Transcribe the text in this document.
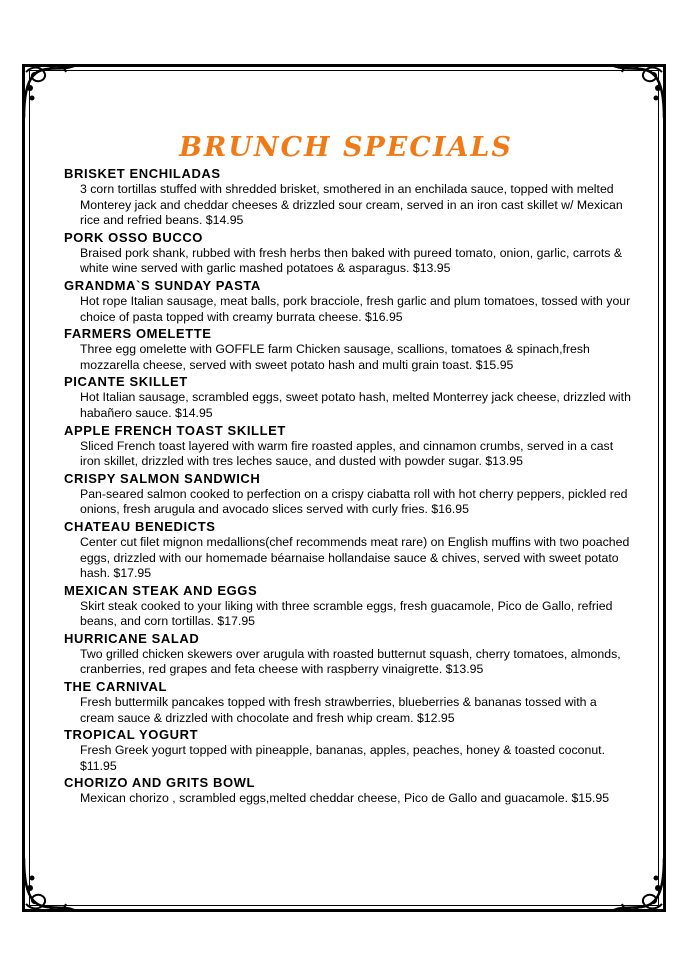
BRUNCH SPECIALS

BRISKET ENCHILADAS

3 corn tortillas stuffed with shredded brisket, smothered in an enchilada sauce, topped with melted Monterey jack and cheddar cheeses & drizzled sour cream, served in an iron cast skillet w/ Mexican rice and refried beans. $14.95

PORK OSSO BUCCO

Braised pork shank, rubbed with fresh herbs then baked with pureed tomato, onion, garlic, carrots & white wine served with garlic mashed potatoes & asparagus. $13.95

GRANDMA`S SUNDAY PASTA

Hot rope Italian sausage, meat balls, pork bracciole, fresh garlic and plum tomatoes, tossed with your choice of pasta topped with creamy burrata cheese. $16.95

FARMERS OMELETTE

Three egg omelette with GOFFLE farm Chicken sausage, scallions, tomatoes & spinach,fresh mozzarella cheese, served with sweet potato hash and multi grain toast. $15.95

PICANTE SKILLET

Hot Italian sausage, scrambled eggs, sweet potato hash, melted Monterrey jack cheese, drizzled with habañero sauce. $14.95

APPLE FRENCH TOAST SKILLET

Sliced French toast layered with warm fire roasted apples, and cinnamon crumbs, served in a cast iron skillet, drizzled with tres leches sauce, and dusted with powder sugar. $13.95

CRISPY SALMON SANDWICH

Pan-seared salmon cooked to perfection on a crispy ciabatta roll with hot cherry peppers, pickled red onions, fresh arugula and avocado slices served with curly fries. $16.95

CHATEAU BENEDICTS

Center cut filet mignon medallions(chef recommends meat rare) on English muffins with two poached eggs, drizzled with our homemade béarnaise hollandaise sauce & chives, served with sweet potato hash. $17.95

MEXICAN STEAK AND EGGS

Skirt steak cooked to your liking with three scramble eggs, fresh guacamole, Pico de Gallo, refried beans, and corn tortillas. $17.95

HURRICANE SALAD

Two grilled chicken skewers over arugula with roasted butternut squash, cherry tomatoes, almonds, cranberries, red grapes and feta cheese with raspberry vinaigrette. $13.95

THE CARNIVAL

Fresh buttermilk pancakes topped with fresh strawberries, blueberries & bananas tossed with a cream sauce & drizzled with chocolate and fresh whip cream. $12.95

TROPICAL YOGURT

Fresh Greek yogurt topped with pineapple, bananas, apples, peaches, honey & toasted coconut. $11.95

CHORIZO AND GRITS BOWL

Mexican chorizo , scrambled eggs,melted cheddar cheese, Pico de Gallo and guacamole. $15.95
